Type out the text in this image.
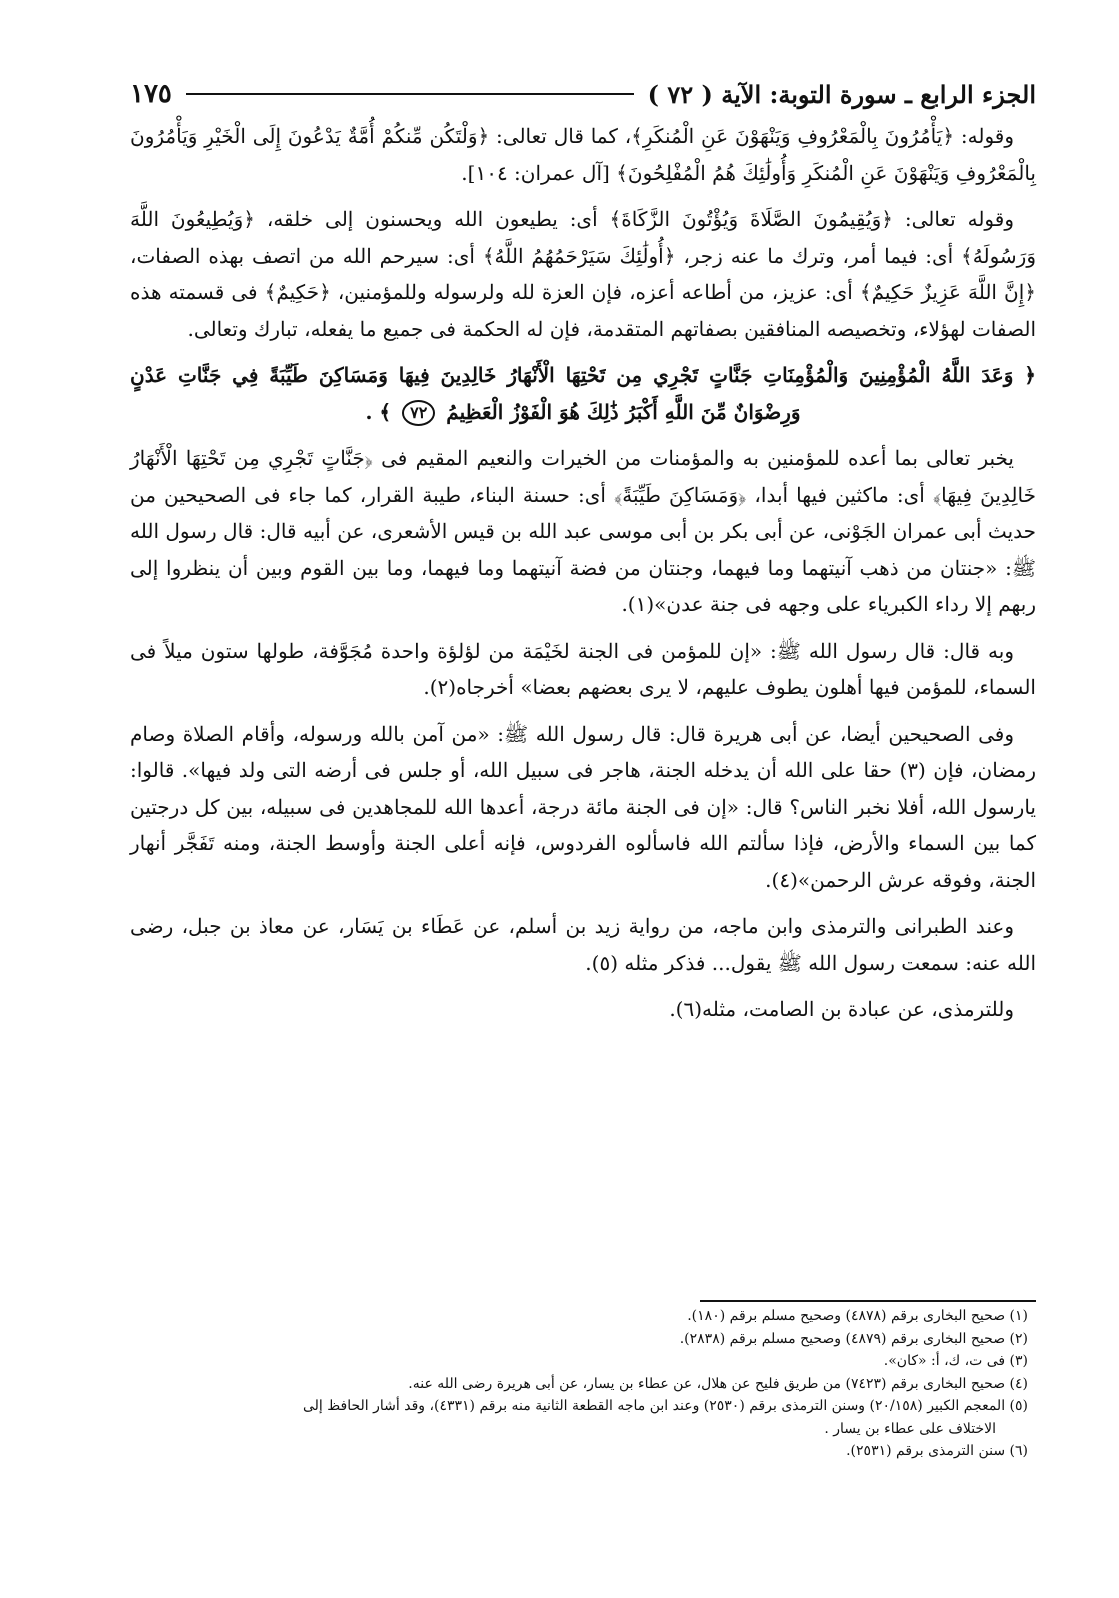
الجزء الرابع ـ سورة التوبة: الآية ( ٧٢ )
١٧٥

وقوله: ﴿يَأْمُرُونَ بِالْمَعْرُوفِ وَيَنْهَوْنَ عَنِ الْمُنكَرِ﴾، كما قال تعالى: ﴿وَلْتَكُن مِّنكُمْ أُمَّةٌ يَدْعُونَ إِلَى الْخَيْرِ وَيَأْمُرُونَ بِالْمَعْرُوفِ وَيَنْهَوْنَ عَنِ الْمُنكَرِ وَأُولَٰئِكَ هُمُ الْمُفْلِحُونَ﴾ [آل عمران: ١٠٤].

وقوله تعالى: ﴿وَيُقِيمُونَ الصَّلَاةَ وَيُؤْتُونَ الزَّكَاةَ﴾ أى: يطيعون الله ويحسنون إلى خلقه، ﴿وَيُطِيعُونَ اللَّهَ وَرَسُولَهُ﴾ أى: فيما أمر، وترك ما عنه زجر، ﴿أُولَٰئِكَ سَيَرْحَمُهُمُ اللَّهُ﴾ أى: سيرحم الله من اتصف بهذه الصفات، ﴿إِنَّ اللَّهَ عَزِيزٌ حَكِيمٌ﴾ أى: عزيز، من أطاعه أعزه، فإن العزة لله ولرسوله وللمؤمنين، ﴿حَكِيمٌ﴾ فى قسمته هذه الصفات لهؤلاء، وتخصيصه المنافقين بصفاتهم المتقدمة، فإن له الحكمة فى جميع ما يفعله، تبارك وتعالى.

﴿ وَعَدَ اللَّهُ الْمُؤْمِنِينَ وَالْمُؤْمِنَاتِ جَنَّاتٍ تَجْرِي مِن تَحْتِهَا الْأَنْهَارُ خَالِدِينَ فِيهَا وَمَسَاكِنَ طَيِّبَةً فِي جَنَّاتِ عَدْنٍ وَرِضْوَانٌ مِّنَ اللَّهِ أَكْبَرُ ذَٰلِكَ هُوَ الْفَوْزُ الْعَظِيمُ ٧٢ ﴾ .

يخبر تعالى بما أعده للمؤمنين به والمؤمنات من الخيرات والنعيم المقيم فى ﴿جَنَّاتٍ تَجْرِي مِن تَحْتِهَا الْأَنْهَارُ خَالِدِينَ فِيهَا﴾ أى: ماكثين فيها أبدا، ﴿وَمَسَاكِنَ طَيِّبَةً﴾ أى: حسنة البناء، طيبة القرار، كما جاء فى الصحيحين من حديث أبى عمران الجَوْنى، عن أبى بكر بن أبى موسى عبد الله بن قيس الأشعرى، عن أبيه قال: قال رسول الله ﷺ: «جنتان من ذهب آنيتهما وما فيهما، وجنتان من فضة آنيتهما وما فيهما، وما بين القوم وبين أن ينظروا إلى ربهم إلا رداء الكبرياء على وجهه فى جنة عدن»(١).

وبه قال: قال رسول الله ﷺ: «إن للمؤمن فى الجنة لخَيْمَة من لؤلؤة واحدة مُجَوَّفة، طولها ستون ميلاً فى السماء، للمؤمن فيها أهلون يطوف عليهم، لا يرى بعضهم بعضا» أخرجاه(٢).

وفى الصحيحين أيضا، عن أبى هريرة قال: قال رسول الله ﷺ: «من آمن بالله ورسوله، وأقام الصلاة وصام رمضان، فإن (٣) حقا على الله أن يدخله الجنة، هاجر فى سبيل الله، أو جلس فى أرضه التى ولد فيها». قالوا: يارسول الله، أفلا نخبر الناس؟ قال: «إن فى الجنة مائة درجة، أعدها الله للمجاهدين فى سبيله، بين كل درجتين كما بين السماء والأرض، فإذا سألتم الله فاسألوه الفردوس، فإنه أعلى الجنة وأوسط الجنة، ومنه تَفَجَّر أنهار الجنة، وفوقه عرش الرحمن»(٤).

وعند الطبرانى والترمذى وابن ماجه، من رواية زيد بن أسلم، عن عَطَاء بن يَسَار، عن معاذ بن جبل، رضى الله عنه: سمعت رسول الله ﷺ يقول... فذكر مثله (٥).

وللترمذى، عن عبادة بن الصامت، مثله(٦).

(١) صحيح البخارى برقم (٤٨٧٨) وصحيح مسلم برقم (١٨٠).

(٢) صحيح البخارى برقم (٤٨٧٩) وصحيح مسلم برقم (٢٨٣٨).

(٣) فى ت، ك، أ: «كان».

(٤) صحيح البخارى برقم (٧٤٢٣) من طريق فليح عن هلال، عن عطاء بن يسار، عن أبى هريرة رضى الله عنه.

(٥) المعجم الكبير (٢٠/١٥٨) وسنن الترمذى برقم (٢٥٣٠) وعند ابن ماجه القطعة الثانية منه برقم (٤٣٣١)، وقد أشار الحافظ إلى

الاختلاف على عطاء بن يسار .

(٦) سنن الترمذى برقم (٢٥٣١).
